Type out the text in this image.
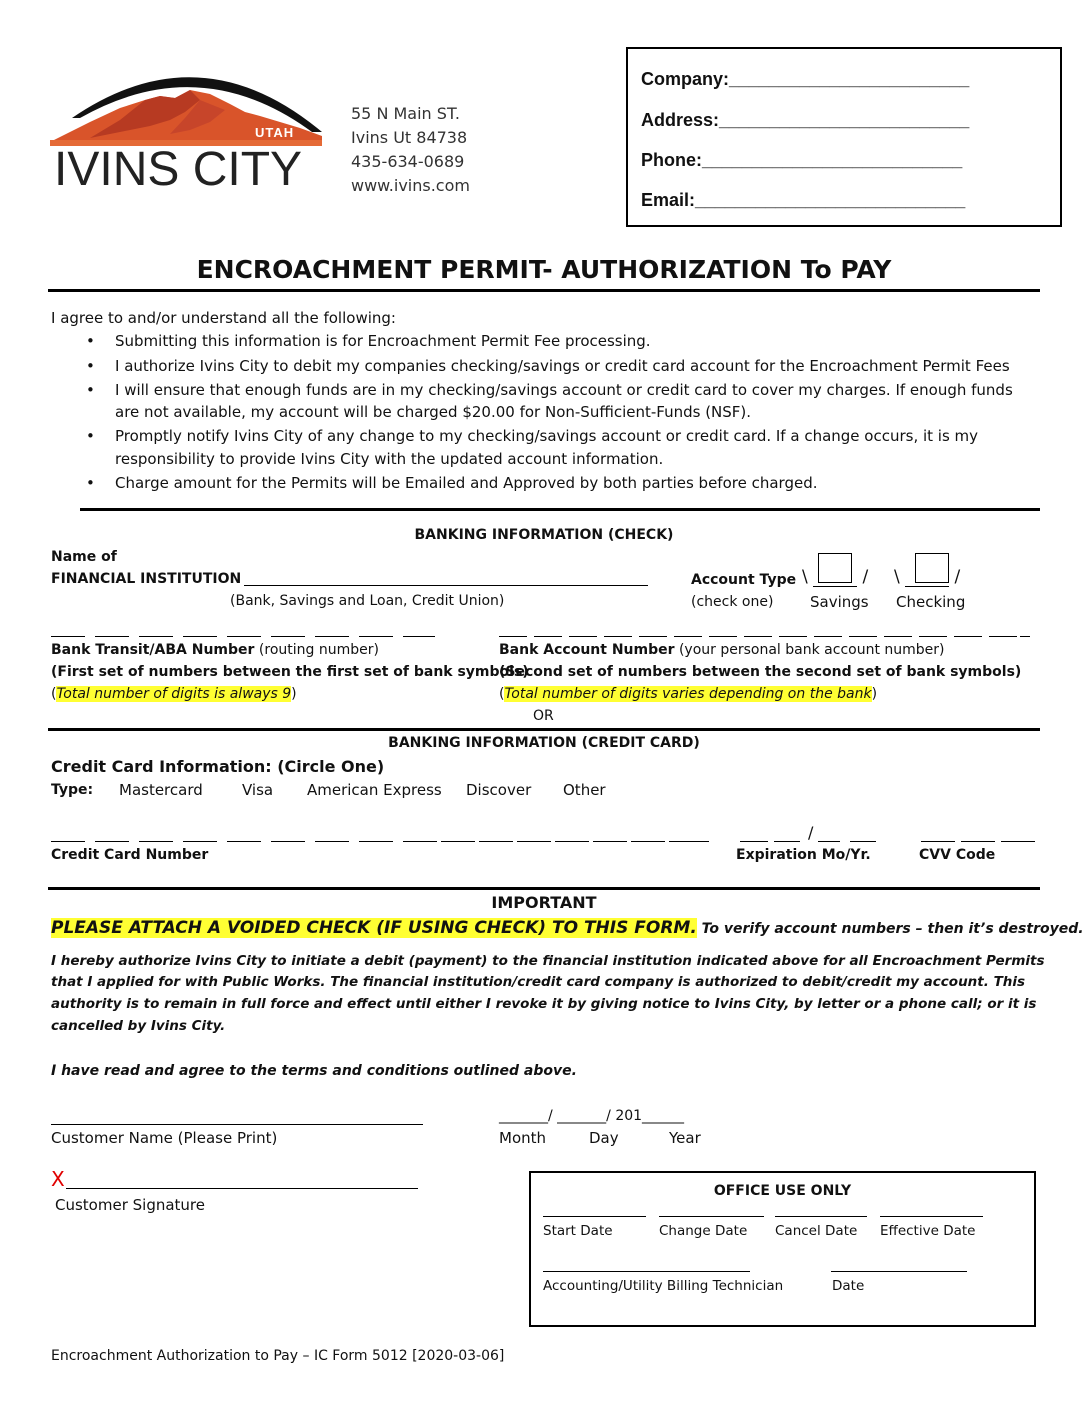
UTAH
IVINS CITY
55 N Main ST.
Ivins Ut 84738
435-634-0689
www.ivins.com
Company:________________________
Address:_________________________
Phone:__________________________
Email:___________________________
ENCROACHMENT PERMIT- AUTHORIZATION To PAY
I agree to and/or understand all the following:
• Submitting this information is for Encroachment Permit Fee processing.
• I authorize Ivins City to debit my companies checking/savings or credit card account for the Encroachment Permit Fees
• I will ensure that enough funds are in my checking/savings account or credit card to cover my charges. If enough funds
are not available, my account will be charged $20.00 for Non-Sufficient-Funds (NSF).
• Promptly notify Ivins City of any change to my checking/savings account or credit card. If a change occurs, it is my
responsibility to provide Ivins City with the updated account information.
• Charge amount for the Permits will be Emailed and Approved by both parties before charged.
BANKING INFORMATION (CHECK)
Name of
FINANCIAL INSTITUTION
(Bank, Savings and Loan, Credit Union)
Account Type
(check one)
\	/
Savings
\	/
Checking
Bank Transit/ABA Number (routing number)
(First set of numbers between the first set of bank symbols)
(Total number of digits is always 9)
Bank Account Number (your personal bank account number)
(Second set of numbers between the second set of bank symbols)
(Total number of digits varies depending on the bank)
OR
BANKING INFORMATION (CREDIT CARD)
Credit Card Information: (Circle One)
Type: Mastercard	Visa American Express Discover Other
/
Credit Card Number	Expiration Mo/Yr.	CVV Code
IMPORTANT
PLEASE ATTACH A VOIDED CHECK (IF USING CHECK) TO THIS FORM. To verify account numbers – then it’s destroyed.
I hereby authorize Ivins City to initiate a debit (payment) to the financial institution indicated above for all Encroachment Permits
that I applied for with Public Works. The financial institution/credit card company is authorized to debit/credit my account. This
authority is to remain in full force and effect until either I revoke it by giving notice to Ivins City, by letter or a phone call; or it is
cancelled by Ivins City.
I have read and agree to the terms and conditions outlined above.
Customer Name (Please Print)
_______/ _______/ 201______
Month	Day	Year
X
Customer Signature
OFFICE USE ONLY
Start Date	Change Date Cancel Date Effective Date
Accounting/Utility Billing Technician	Date
Encroachment Authorization to Pay – IC Form 5012 [2020-03-06]
